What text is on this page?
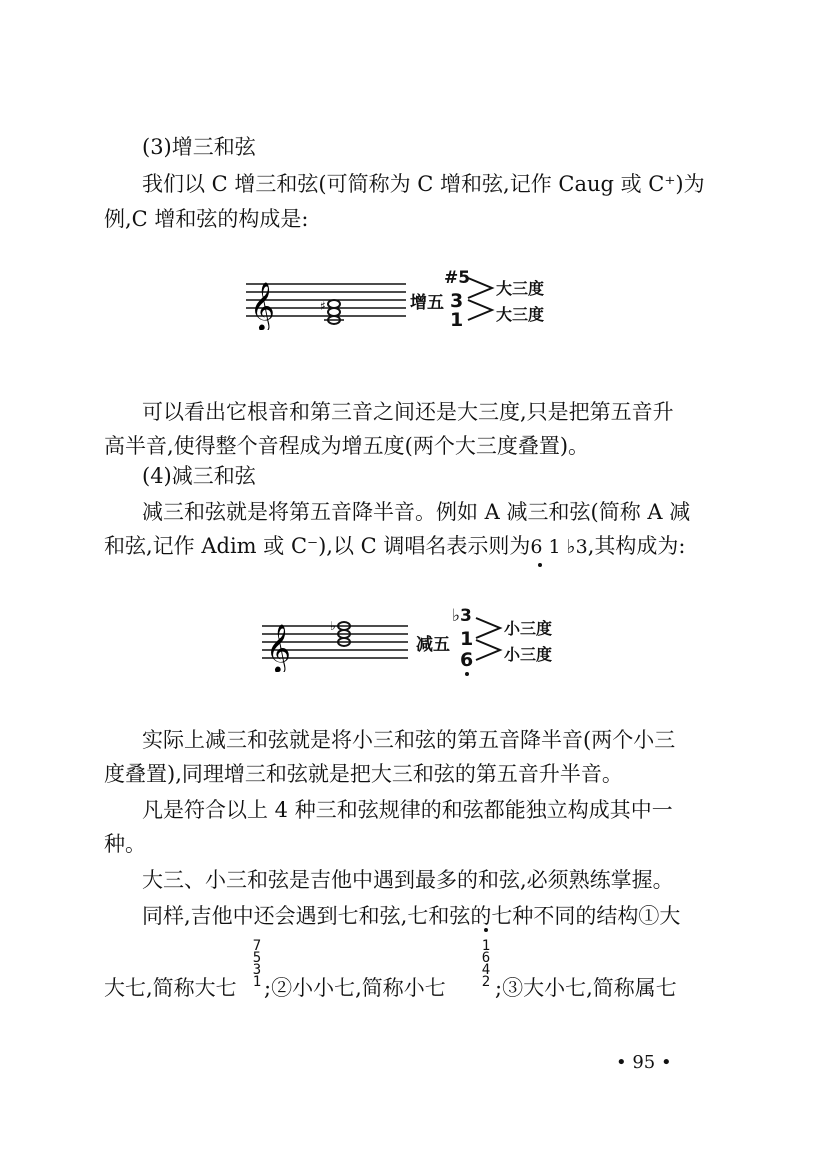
(3)增三和弦
我们以 C 增三和弦(可简称为 C 增和弦,记作 Caug 或 C⁺)为
例,C 增和弦的构成是:
𝄞	♯	增五
#5
3
1
大三度
大三度
可以看出它根音和第三音之间还是大三度,只是把第五音升
高半音,使得整个音程成为增五度(两个大三度叠置)。
(4)减三和弦
减三和弦就是将第五音降半音。例如 A 减三和弦(简称 A 减
和弦,记作 Adim 或 C⁻),以 C 调唱名表示则为6 1 ♭3,其构成为:
𝄞	♭
减五
♭3
1
6
小三度
小三度
实际上减三和弦就是将小三和弦的第五音降半音(两个小三
度叠置),同理增三和弦就是把大三和弦的第五音升半音。
凡是符合以上 4 种三和弦规律的和弦都能独立构成其中一
种。
大三、小三和弦是吉他中遇到最多的和弦,必须熟练掌握。
同样,吉他中还会遇到七和弦,七和弦的七种不同的结构①大
大七,简称大七
7
5
3
1 ;②小小七,简称小七
1
6
4
2 ;③大小七,简称属七
• 95 •
